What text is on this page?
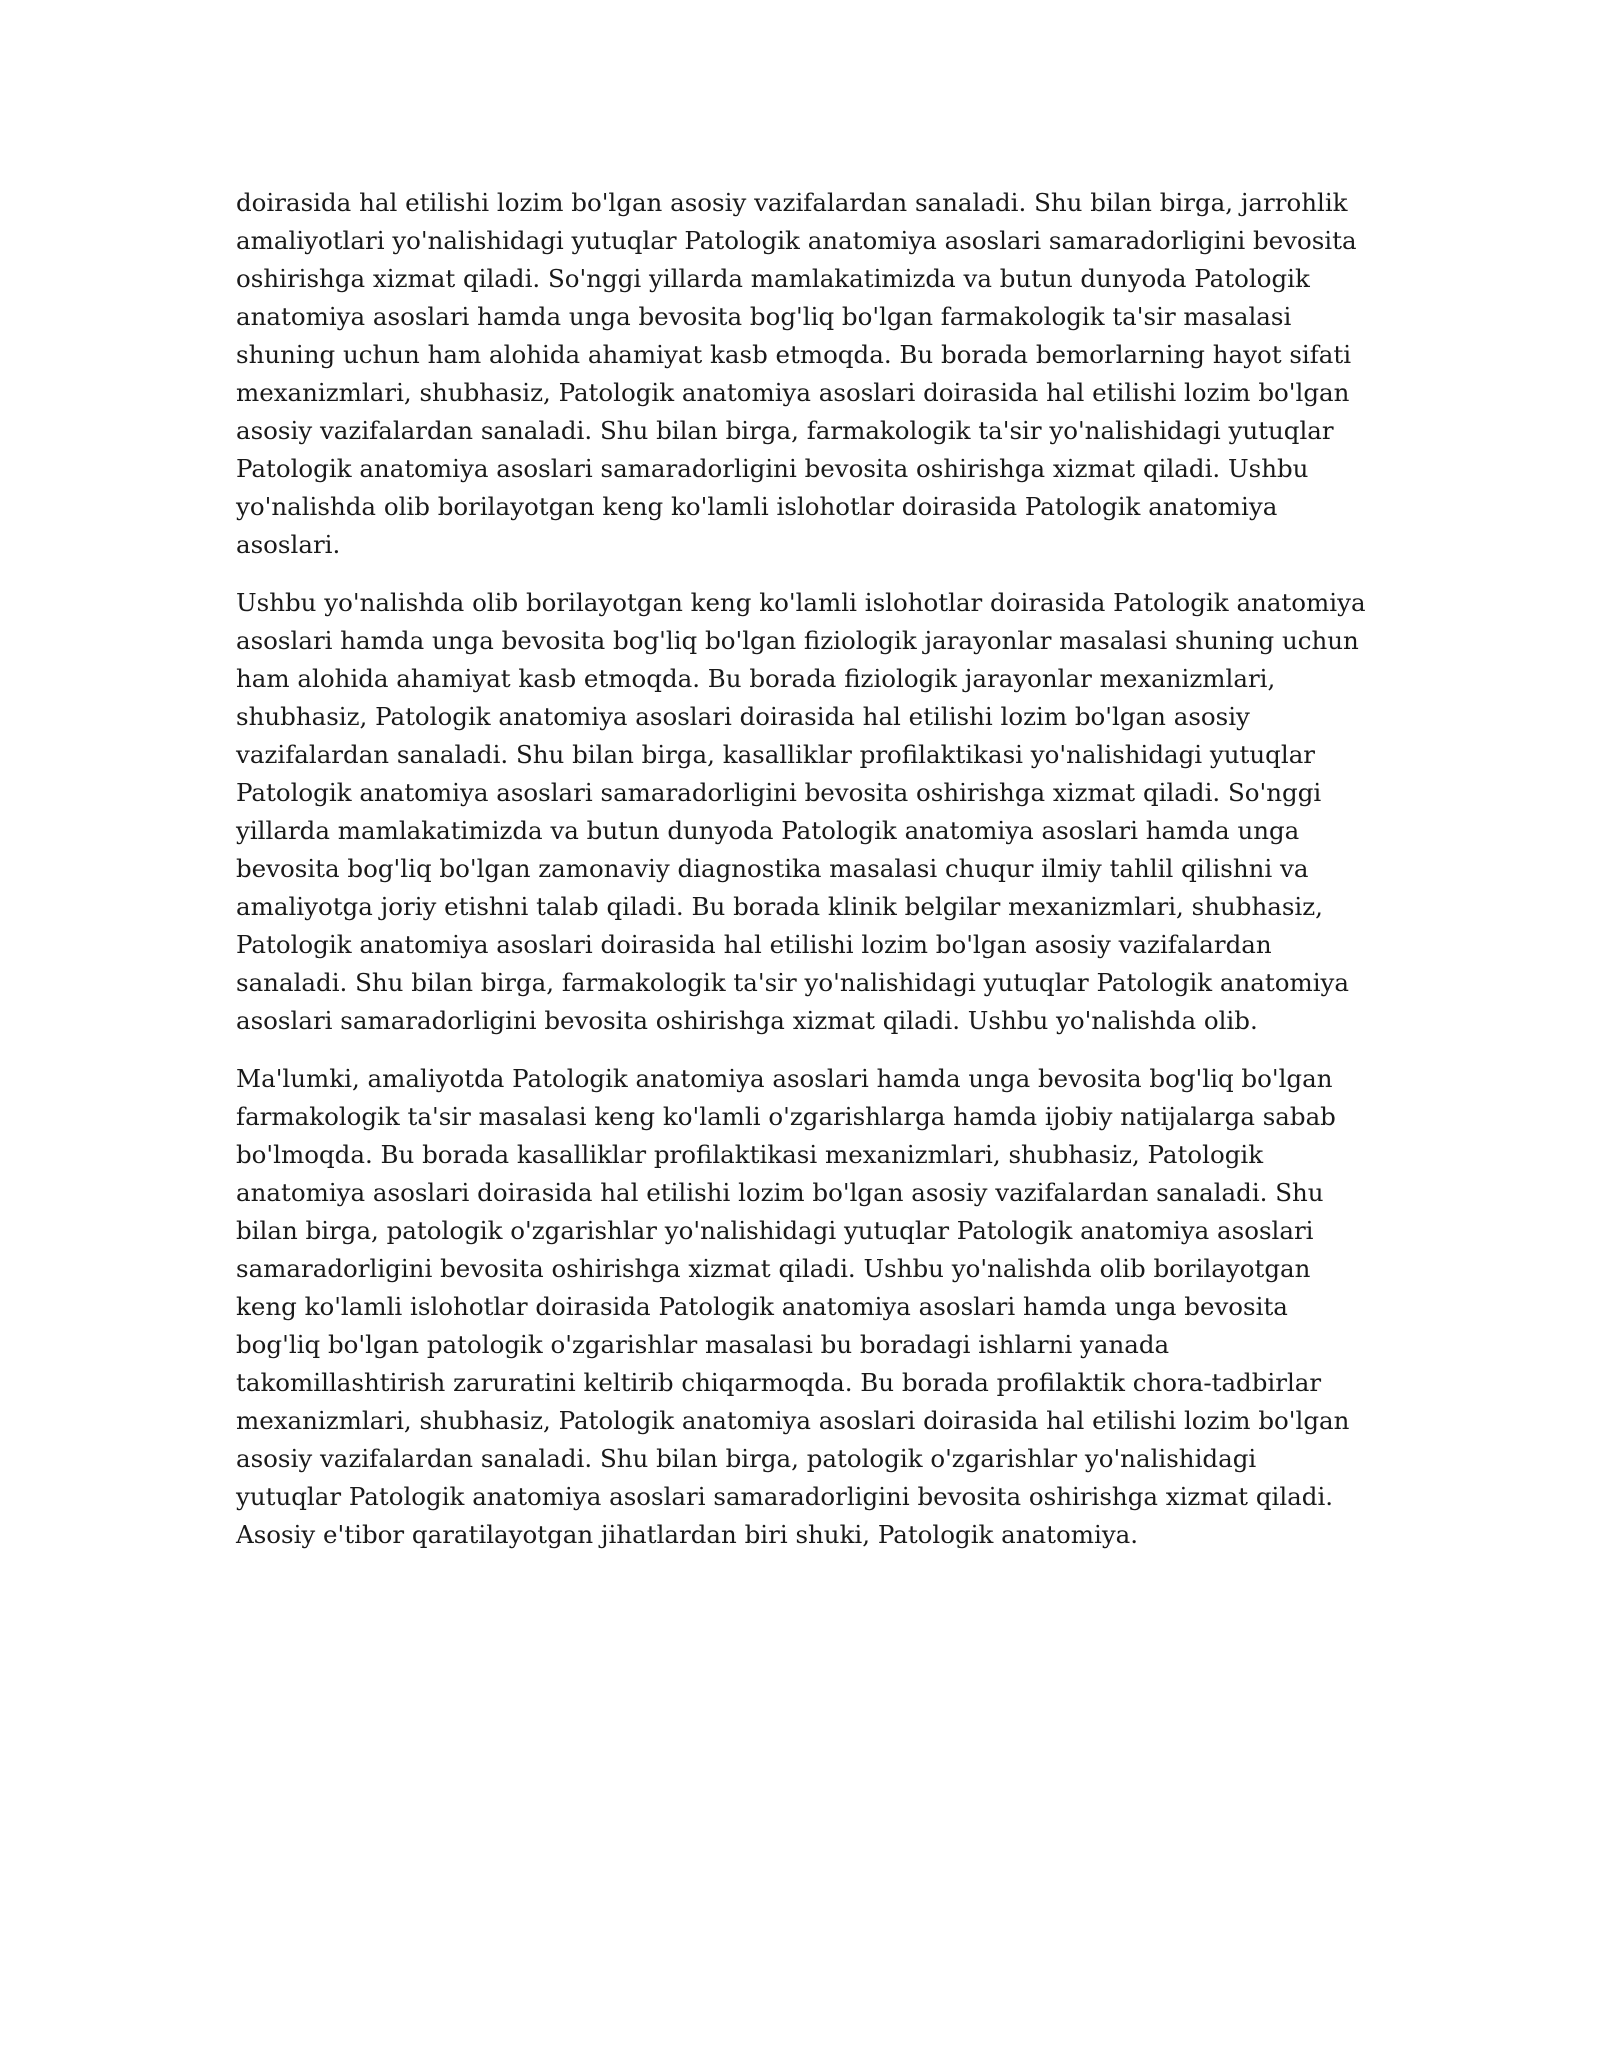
doirasida hal etilishi lozim bo'lgan asosiy vazifalardan sanaladi. Shu bilan birga, jarrohlik amaliyotlari yo'nalishidagi yutuqlar Patologik anatomiya asoslari samaradorligini bevosita oshirishga xizmat qiladi. So'nggi yillarda mamlakatimizda va butun dunyoda Patologik anatomiya asoslari hamda unga bevosita bog'liq bo'lgan farmakologik ta'sir masalasi shuning uchun ham alohida ahamiyat kasb etmoqda. Bu borada bemorlarning hayot sifati mexanizmlari, shubhasiz, Patologik anatomiya asoslari doirasida hal etilishi lozim bo'lgan asosiy vazifalardan sanaladi. Shu bilan birga, farmakologik ta'sir yo'nalishidagi yutuqlar Patologik anatomiya asoslari samaradorligini bevosita oshirishga xizmat qiladi. Ushbu yo'nalishda olib borilayotgan keng ko'lamli islohotlar doirasida Patologik anatomiya asoslari.

Ushbu yo'nalishda olib borilayotgan keng ko'lamli islohotlar doirasida Patologik anatomiya asoslari hamda unga bevosita bog'liq bo'lgan fiziologik jarayonlar masalasi shuning uchun ham alohida ahamiyat kasb etmoqda. Bu borada fiziologik jarayonlar mexanizmlari, shubhasiz, Patologik anatomiya asoslari doirasida hal etilishi lozim bo'lgan asosiy vazifalardan sanaladi. Shu bilan birga, kasalliklar profilaktikasi yo'nalishidagi yutuqlar Patologik anatomiya asoslari samaradorligini bevosita oshirishga xizmat qiladi. So'nggi yillarda mamlakatimizda va butun dunyoda Patologik anatomiya asoslari hamda unga bevosita bog'liq bo'lgan zamonaviy diagnostika masalasi chuqur ilmiy tahlil qilishni va amaliyotga joriy etishni talab qiladi. Bu borada klinik belgilar mexanizmlari, shubhasiz, Patologik anatomiya asoslari doirasida hal etilishi lozim bo'lgan asosiy vazifalardan sanaladi. Shu bilan birga, farmakologik ta'sir yo'nalishidagi yutuqlar Patologik anatomiya asoslari samaradorligini bevosita oshirishga xizmat qiladi. Ushbu yo'nalishda olib.

Ma'lumki, amaliyotda Patologik anatomiya asoslari hamda unga bevosita bog'liq bo'lgan farmakologik ta'sir masalasi keng ko'lamli o'zgarishlarga hamda ijobiy natijalarga sabab bo'lmoqda. Bu borada kasalliklar profilaktikasi mexanizmlari, shubhasiz, Patologik anatomiya asoslari doirasida hal etilishi lozim bo'lgan asosiy vazifalardan sanaladi. Shu bilan birga, patologik o'zgarishlar yo'nalishidagi yutuqlar Patologik anatomiya asoslari samaradorligini bevosita oshirishga xizmat qiladi. Ushbu yo'nalishda olib borilayotgan keng ko'lamli islohotlar doirasida Patologik anatomiya asoslari hamda unga bevosita bog'liq bo'lgan patologik o'zgarishlar masalasi bu boradagi ishlarni yanada takomillashtirish zaruratini keltirib chiqarmoqda. Bu borada profilaktik chora-tadbirlar mexanizmlari, shubhasiz, Patologik anatomiya asoslari doirasida hal etilishi lozim bo'lgan asosiy vazifalardan sanaladi. Shu bilan birga, patologik o'zgarishlar yo'nalishidagi yutuqlar Patologik anatomiya asoslari samaradorligini bevosita oshirishga xizmat qiladi. Asosiy e'tibor qaratilayotgan jihatlardan biri shuki, Patologik anatomiya.
